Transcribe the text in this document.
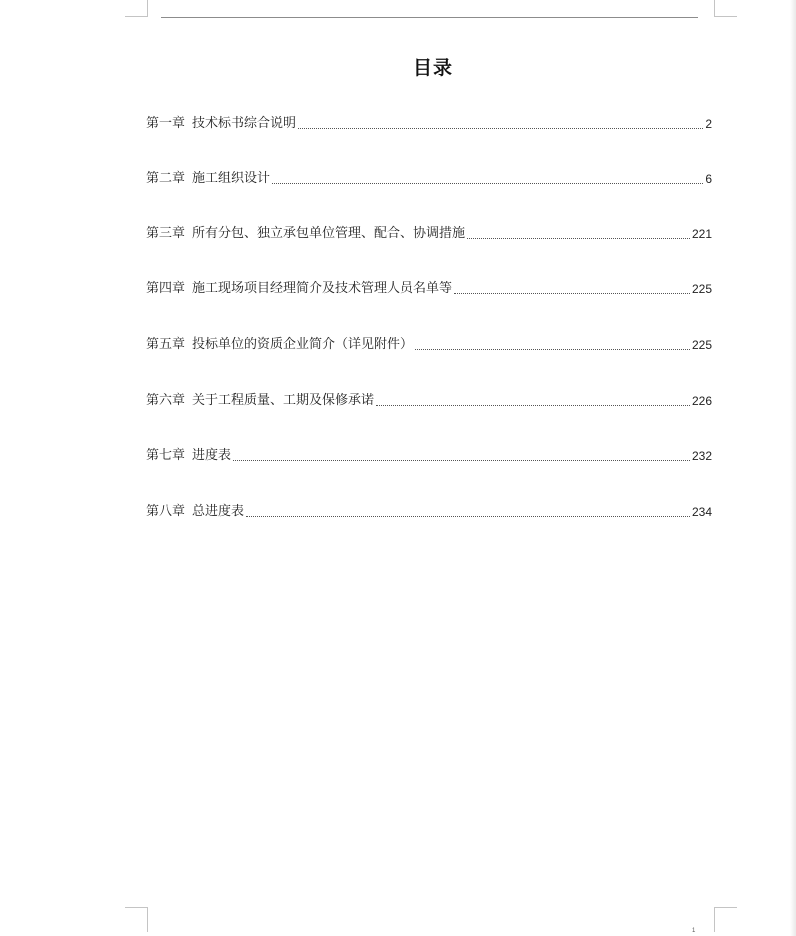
目录
第一章 技术标书综合说明	2
第二章 施工组织设计	6
第三章 所有分包、独立承包单位管理、配合、协调措施	221
第四章 施工现场项目经理简介及技术管理人员名单等	225
第五章 投标单位的资质企业简介（详见附件）	225
第六章 关于工程质量、工期及保修承诺	226
第七章 进度表	232
第八章 总进度表	234
1
